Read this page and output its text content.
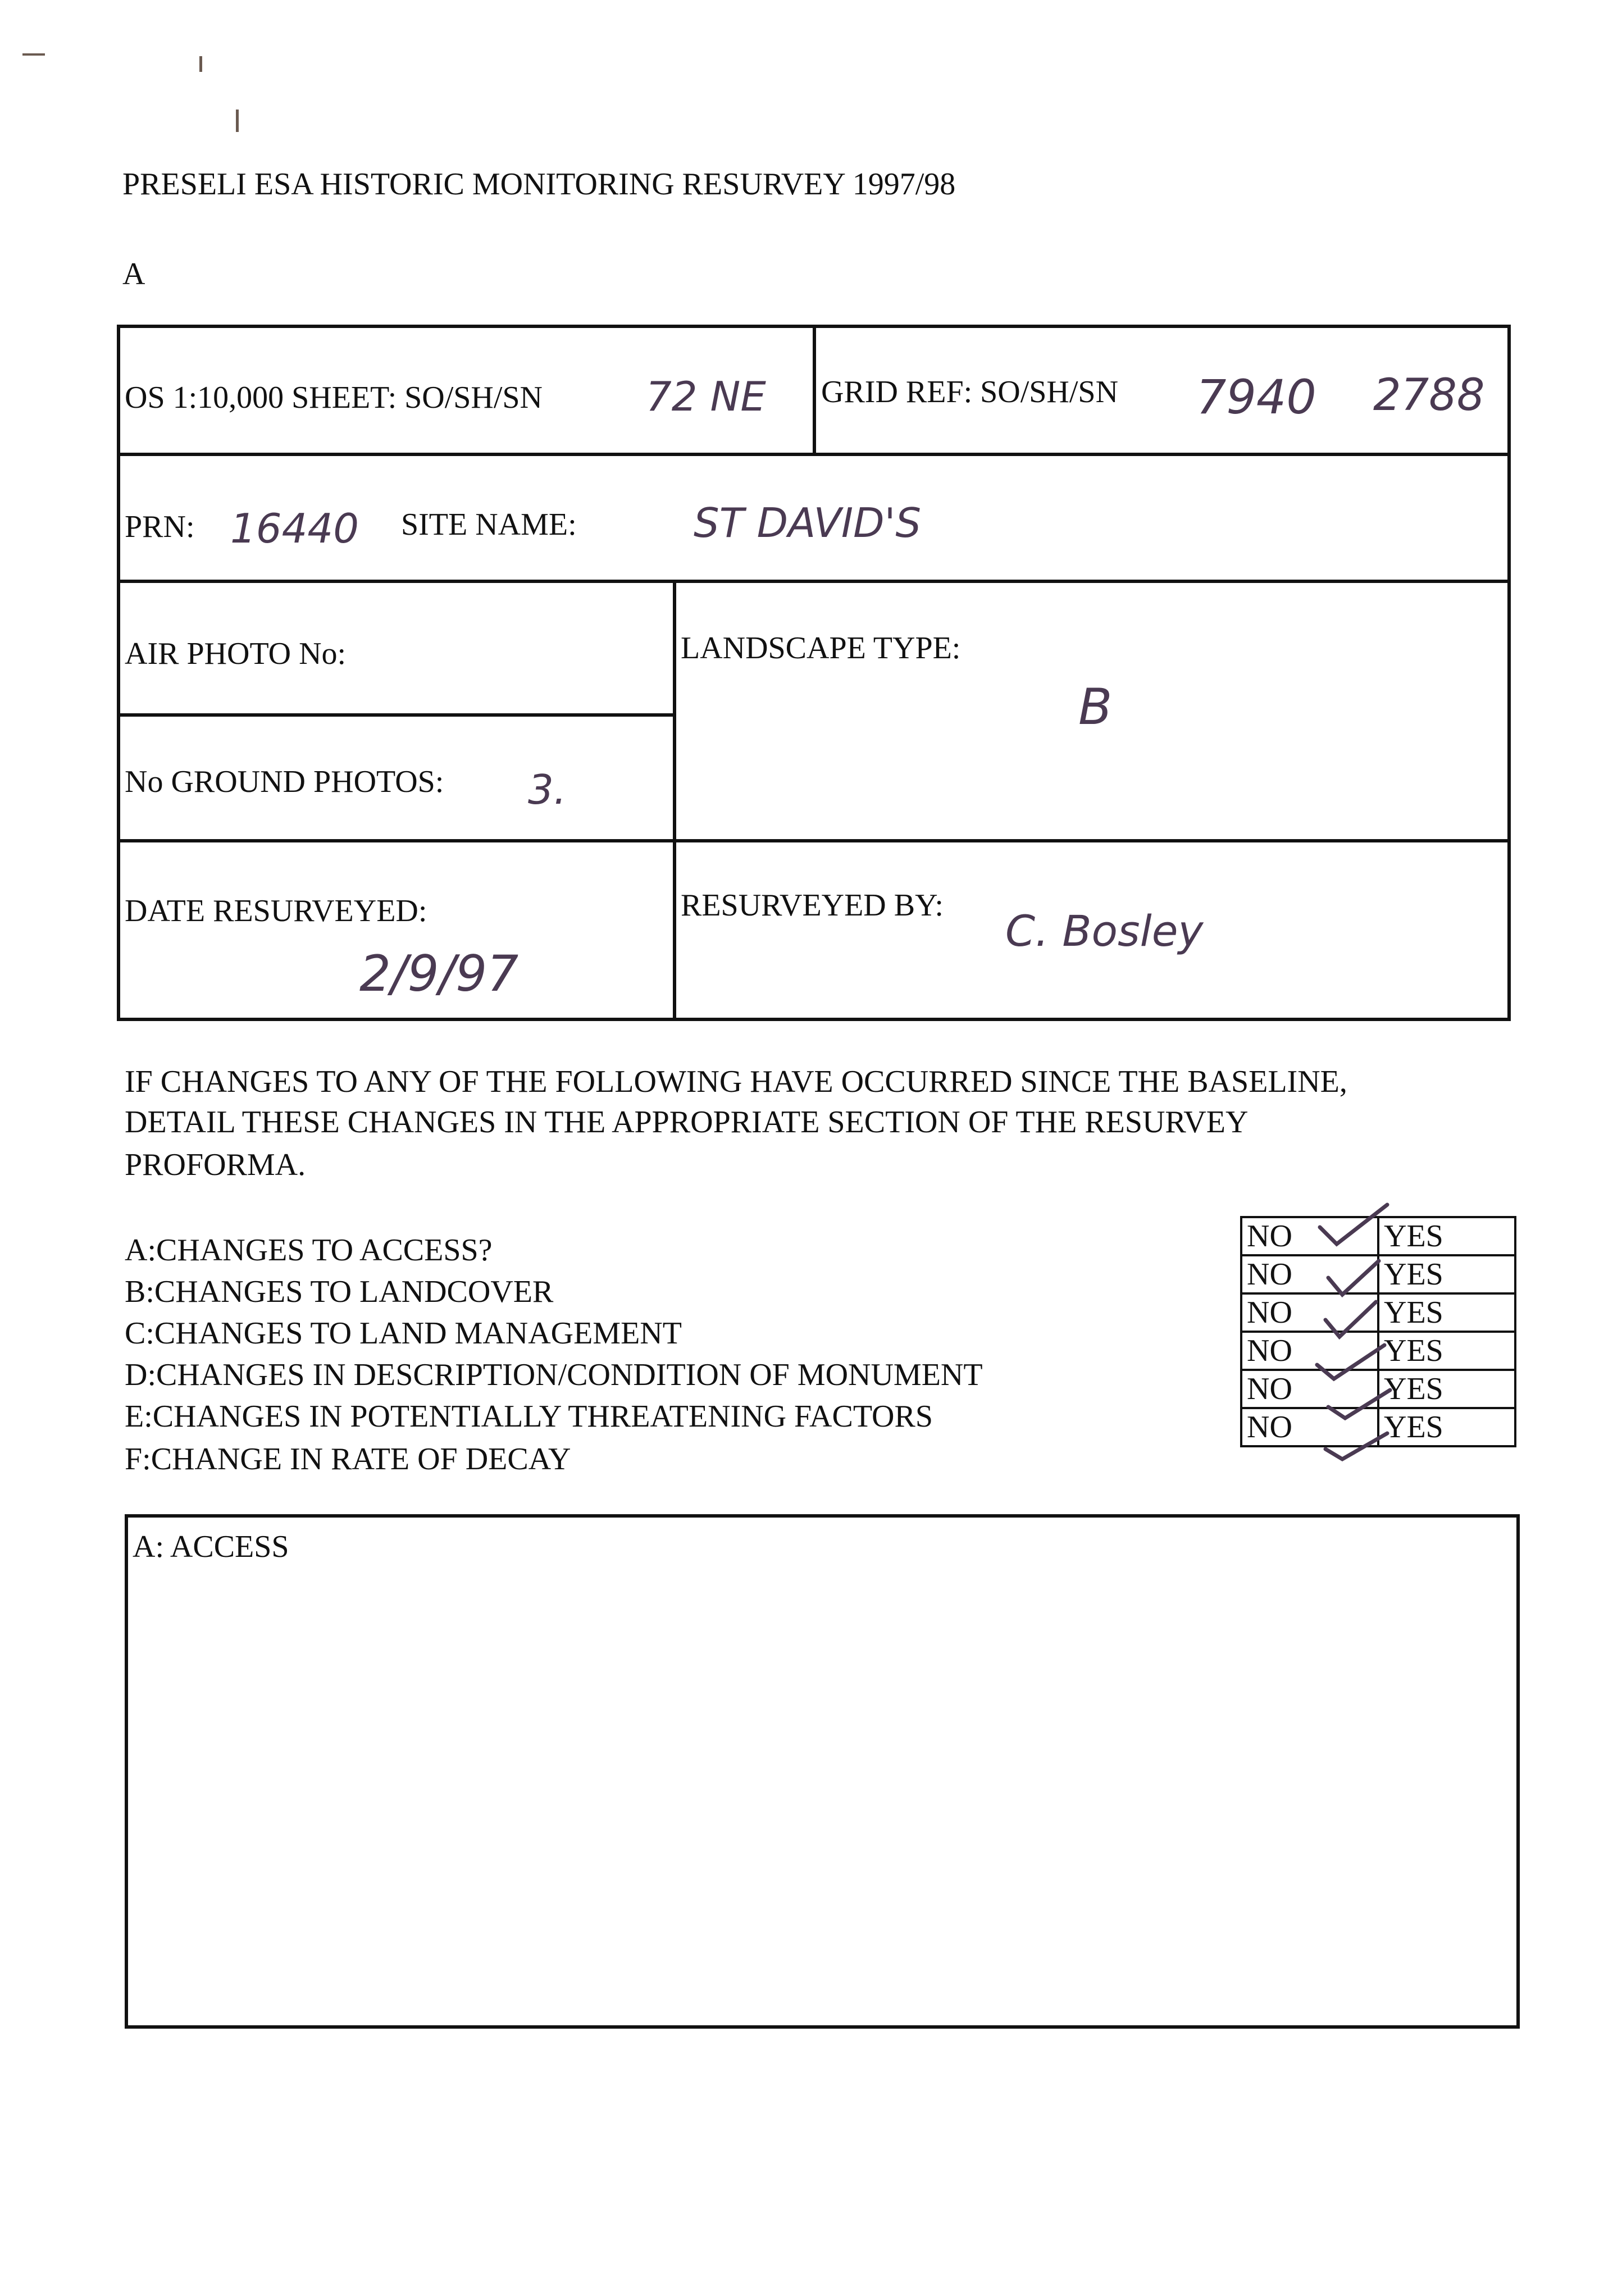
PRESELI ESA HISTORIC MONITORING RESURVEY 1997/98
A
OS 1:10,000 SHEET: SO/SH/SN	72 NE GRID REF: SO/SH/SN 7940 2788
PRN: 16440 SITE NAME:	ST DAVID'S
AIR PHOTO No:	LANDSCAPE TYPE:
B
No GROUND PHOTOS: 3.
DATE RESURVEYED:
2/9/97
RESURVEYED BY:
C. Bosley
IF CHANGES TO ANY OF THE FOLLOWING HAVE OCCURRED SINCE THE BASELINE,
DETAIL THESE CHANGES IN THE APPROPRIATE SECTION OF THE RESURVEY
PROFORMA.
A:CHANGES TO ACCESS?
B:CHANGES TO LANDCOVER
C:CHANGES TO LAND MANAGEMENT
D:CHANGES IN DESCRIPTION/CONDITION OF MONUMENT
E:CHANGES IN POTENTIALLY THREATENING FACTORS
F:CHANGE IN RATE OF DECAY
NO	YES
NO	YES
NO	YES
NO	YES
NO	YES
NO	YES
A: ACCESS
